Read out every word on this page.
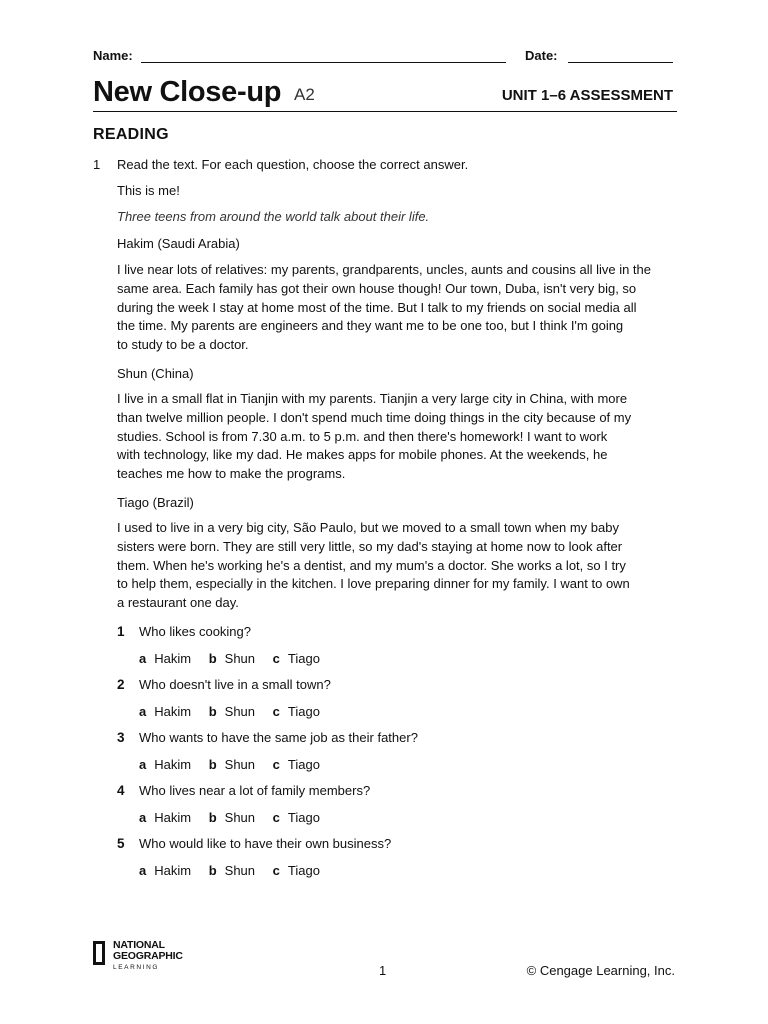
Name:	Date:
New Close-up A2	UNIT 1–6 ASSESSMENT
READING
1 Read the text. For each question, choose the correct answer.
This is me!
Three teens from around the world talk about their life.
Hakim (Saudi Arabia)
I live near lots of relatives: my parents, grandparents, uncles, aunts and cousins all live in the
same area. Each family has got their own house though! Our town, Duba, isn't very big, so
during the week I stay at home most of the time. But I talk to my friends on social media all
the time. My parents are engineers and they want me to be one too, but I think I'm going
to study to be a doctor.
Shun (China)
I live in a small flat in Tianjin with my parents. Tianjin a very large city in China, with more
than twelve million people. I don't spend much time doing things in the city because of my
studies. School is from 7.30 a.m. to 5 p.m. and then there's homework! I want to work
with technology, like my dad. He makes apps for mobile phones. At the weekends, he
teaches me how to make the programs.
Tiago (Brazil)
I used to live in a very big city, São Paulo, but we moved to a small town when my baby
sisters were born. They are still very little, so my dad's staying at home now to look after
them. When he's working he's a dentist, and my mum's a doctor. She works a lot, so I try
to help them, especially in the kitchen. I love preparing dinner for my family. I want to own
a restaurant one day.
1 Who likes cooking?
a Hakim b Shun c Tiago
2 Who doesn't live in a small town?
a Hakim b Shun c Tiago
3 Who wants to have the same job as their father?
a Hakim b Shun c Tiago
4 Who lives near a lot of family members?
a Hakim b Shun c Tiago
5 Who would like to have their own business?
a Hakim b Shun c Tiago
NATIONAL
GEOGRAPHIC
LEARNING	1	© Cengage Learning, Inc.
